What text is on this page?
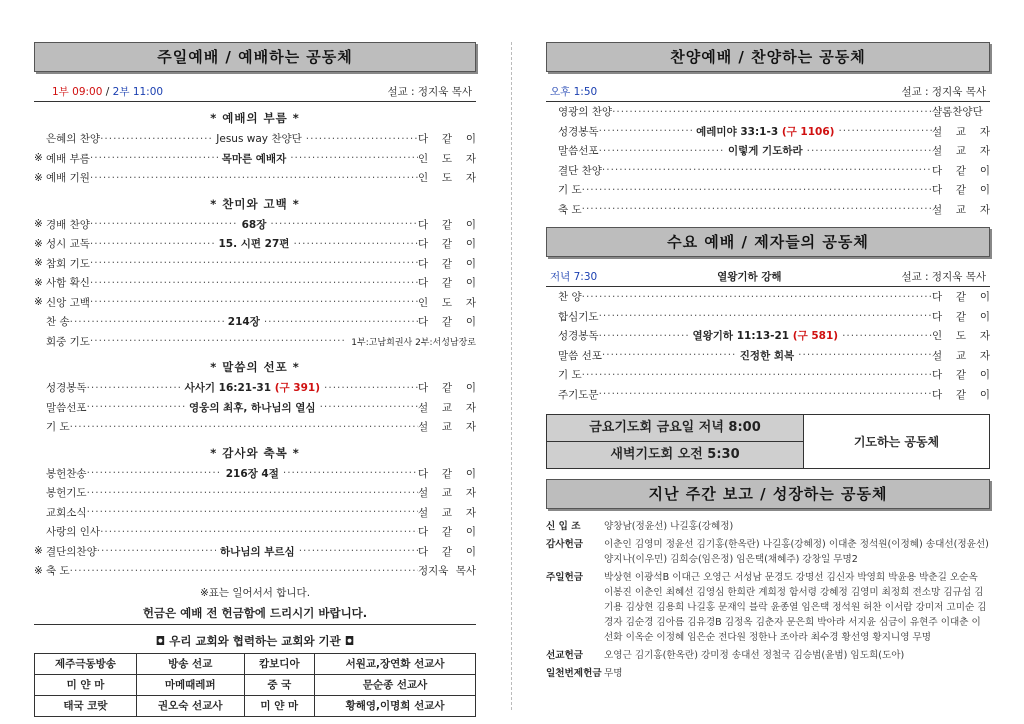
주일예배 / 예배하는 공동체
1부 09:00 / 2부 11:00	설교 : 정지욱 목사
* 예배의 부름 *
은혜의 찬양 ·····	Jesus way 찬양단 ·····	다 같 이
※ 예배 부름 ·····	목마른 예배자 ·····	인 도 자
※ 예배 기원 ·····	인 도 자
* 찬미와 고백 *
※ 경배 찬양 ·····	68장 ·····	다 같 이
※ 성시 교독 ·····	15. 시편 27편 ·····	다 같 이
※ 참회 기도 ·····	다 같 이
※ 사함 확신 ·····	다 같 이
※ 신앙 고백 ·····	인 도 자
찬 송 ·····	214장 ·····	다 같 이
회중 기도 ·····	1부:고남희권사 2부:서성남장로
* 말씀의 선포 *
성경봉독 ·····	사사기 16:21-31 (구 391) ·····	다 같 이
말씀선포 ·····	영웅의 최후, 하나님의 열심 ·····	설 교 자
기 도 ·····	설 교 자
* 감사와 축복 *
봉헌찬송 ·····	216장 4절 ·····	다 같 이
봉헌기도 ·····	설 교 자
교회소식 ·····	설 교 자
사랑의 인사 ·····	다 같 이
※ 결단의찬양 ·····	하나님의 부르심 ·····	다 같 이
※ 축 도 ·····	정지욱 목사
※표는 일어서서 합니다.
헌금은 예배 전 헌금함에 드리시기 바랍니다.
◘ 우리 교회와 협력하는 교회와 기관 ◘
제주극동방송	방송 선교	캄보디아	서원교,장연화 선교사
미 얀 마	마메때레퍼	중 국	문순종 선교사
태국 코랏	권오숙 선교사	미 얀 마	황해영,이명희 선교사
찬양예배 / 찬양하는 공동체
오후 1:50	설교 : 정지욱 목사
영광의 찬양 ·····	샬롬찬양단
성경봉독 ·····	예레미야 33:1-3 (구 1106) ·····	설 교 자
말씀선포 ·····	이렇게 기도하라 ·····	설 교 자
결단 찬양 ·····	다 같 이
기 도 ·····	다 같 이
축 도 ·····	설 교 자
수요 예배 / 제자들의 공동체
저녁 7:30	열왕기하 강해	설교 : 정지욱 목사
찬 양 ·····	다 같 이
합심기도 ·····	다 같 이
성경봉독 ·····	열왕기하 11:13-21 (구 581) ·····	인 도 자
말씀 선포 ·····	진정한 회복 ·····	설 교 자
기 도 ·····	다 같 이
주기도문 ·····	다 같 이
금요기도회 금요일 저녁 8:00
새벽기도회 오전 5:30
기도하는 공동체
지난 주간 보고 / 성장하는 공동체
신 입 조	양창남(정윤선) 나길홍(강혜정)
감사헌금	이춘인 김영미 정윤선 김기홍(한옥란) 나길홍(강혜정) 이대춘 정석원(이정혜) 송대선(정윤선) 양지나(이우민) 김희승(임은정) 임은택(채혜주) 강창일 무명2
주일헌금	박상현 이광석B 이대근 오영근 서성남 문경도 강명선 김신자 박영희 박윤용 박춘길 오순옥 이봉진 이춘인 최혜선 김영심 한희란 계희정 함서령 강혜정 김영미 최정희 전소망 김규섭 김기용 김상현 김용희 나길홍 문재익 블락 윤종열 임은택 정석원 허찬 이서람 강미저 고미순 김경자 김순경 김아름 김유경B 김정옥 김춘자 문은희 박아라 서지윤 심금이 유현주 이대춘 이선화 이옥순 이정혜 임은순 전다원 정한나 조아라 최수경 황선영 황지니영 무명
선교헌금	오영근 김기홍(한옥란) 강미정 송대선 정철국 김승범(윤범) 임도희(도아)
일천번제헌금 무명
